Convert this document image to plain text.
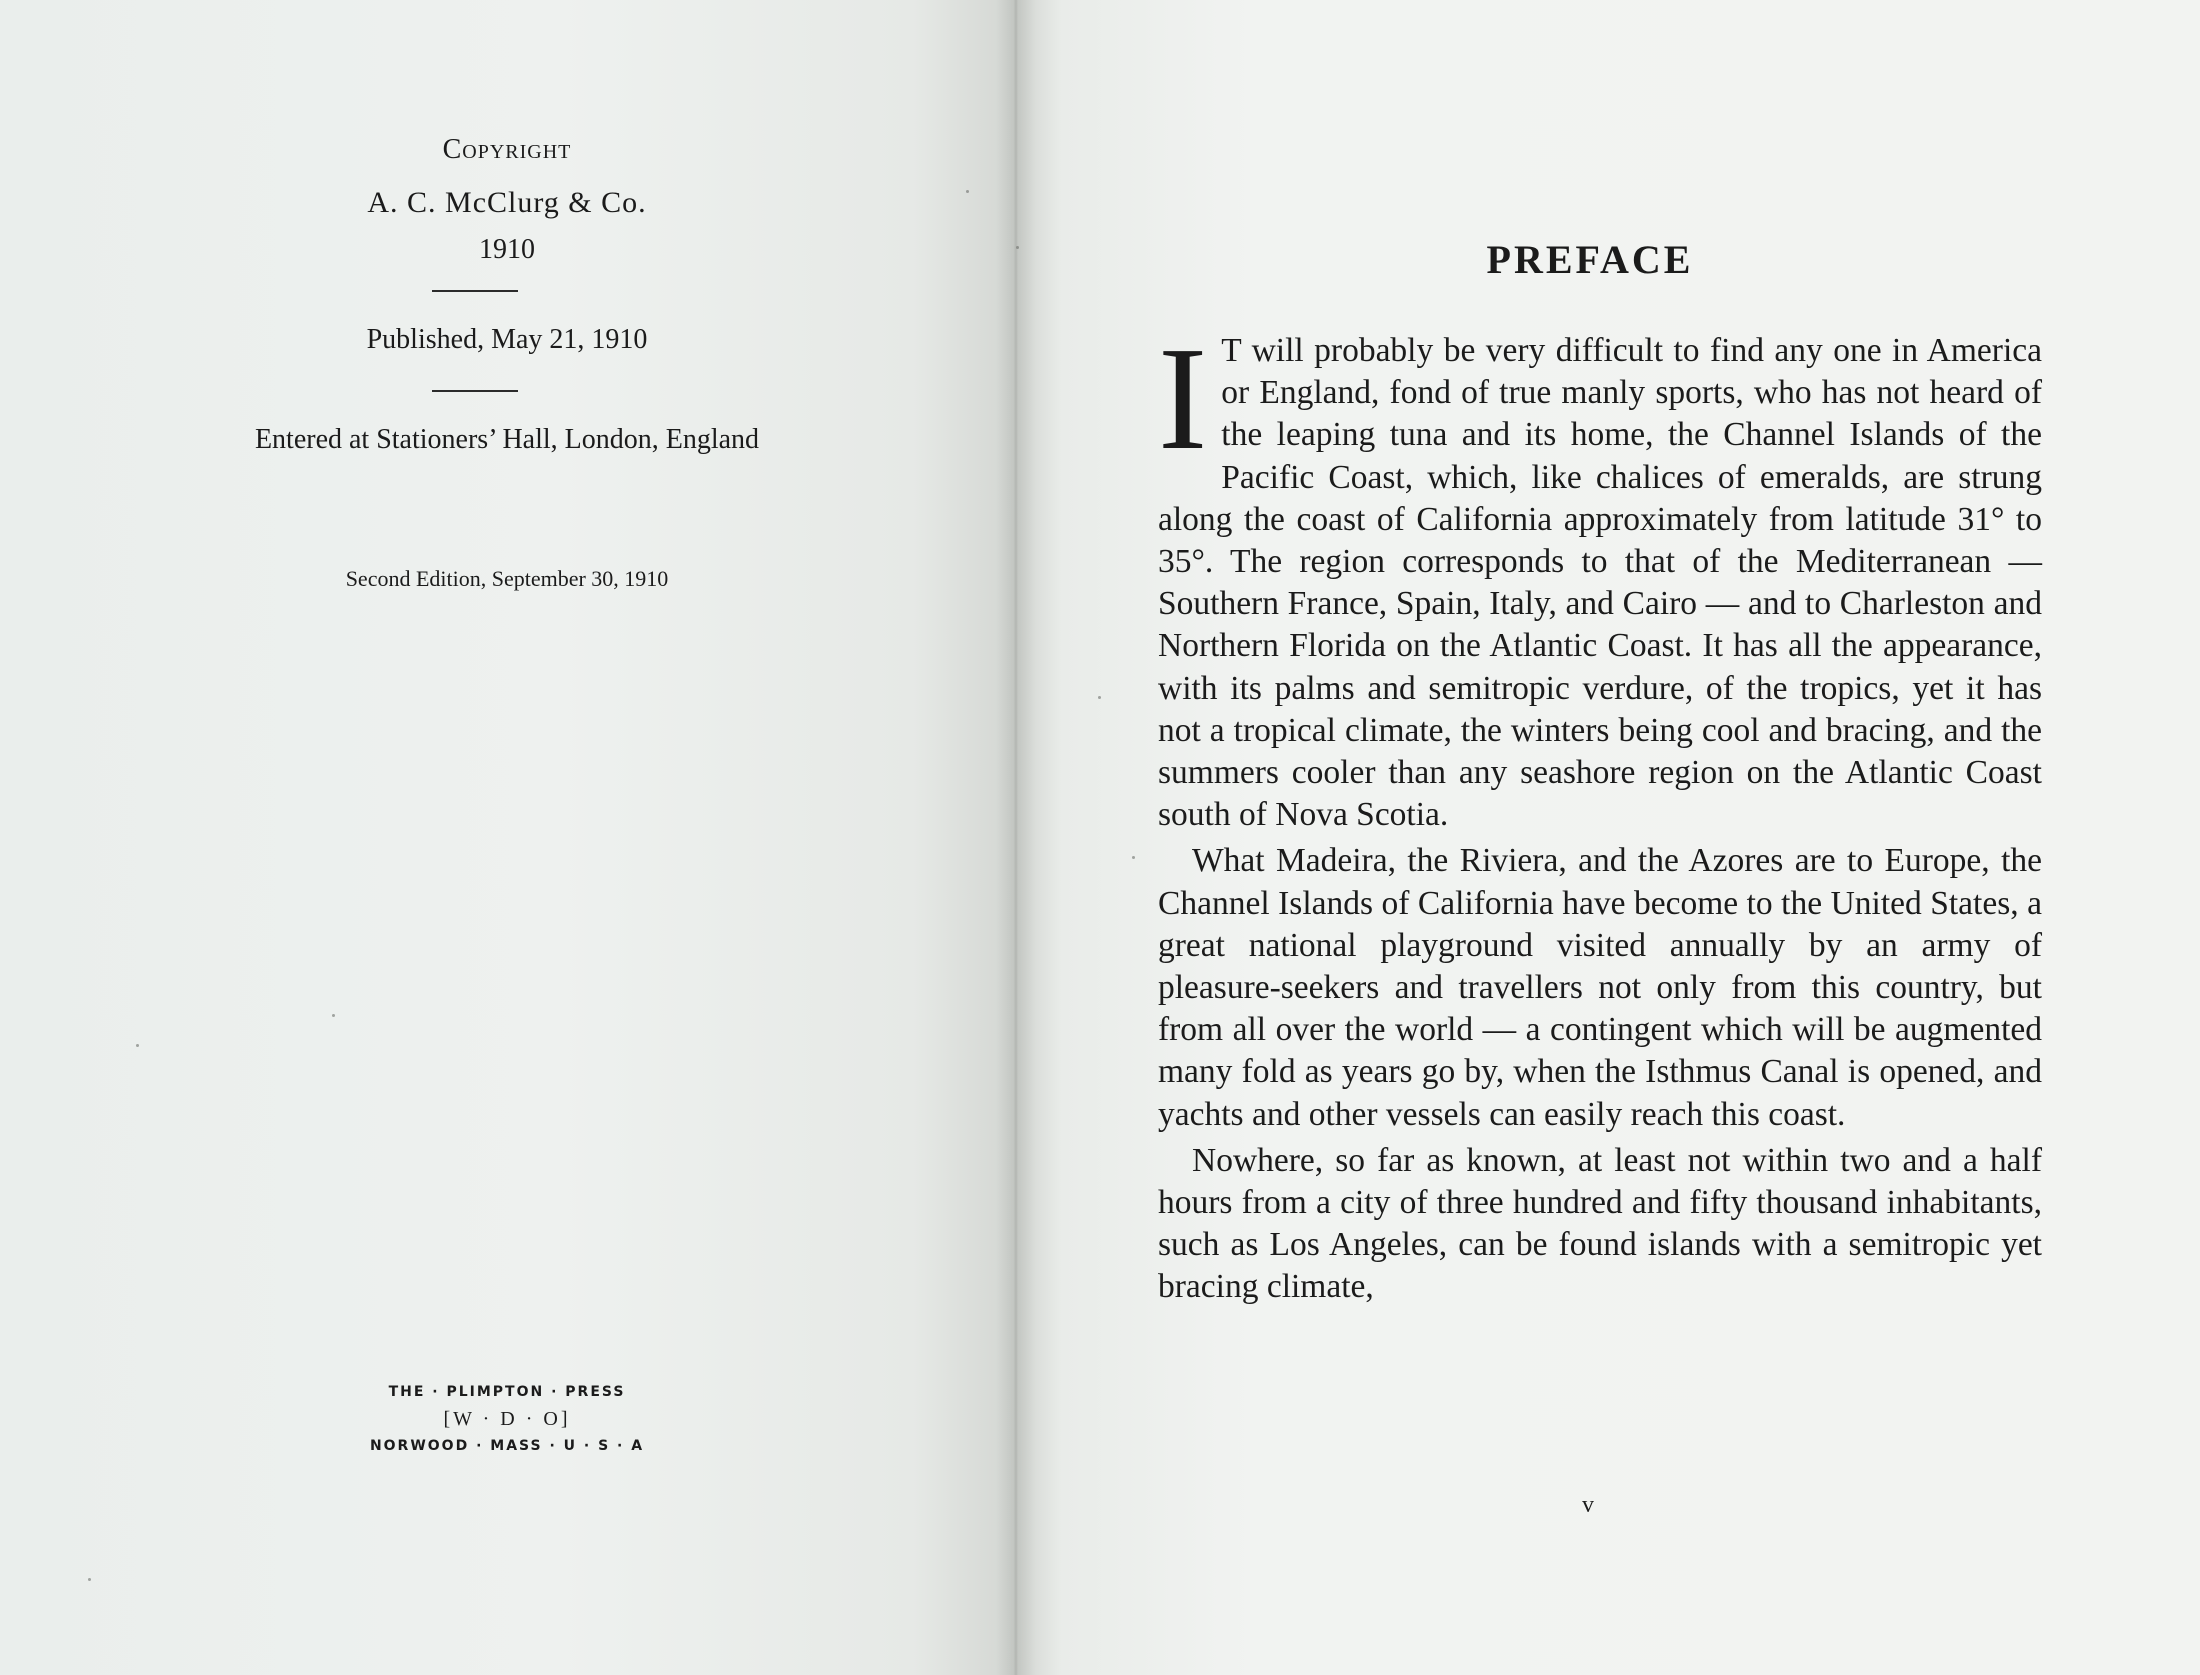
Copyright
A. C. McClurg & Co.
1910
Published, May 21, 1910
Entered at Stationers’ Hall, London, England
Second Edition, September 30, 1910
THE · PLIMPTON · PRESS
[W · D · O]
NORWOOD · MASS · U · S · A
PREFACE

I T will probably be very difficult to find any one in America or England, fond of true manly sports, who has not heard of the leaping tuna and its home, the Channel Islands of the Pacific Coast, which, like chalices of emeralds, are strung along the coast of California approximately from latitude 31° to 35°. The region corresponds to that of the Mediterranean — Southern France, Spain, Italy, and Cairo — and to Charleston and Northern Florida on the Atlantic Coast. It has all the appearance, with its palms and semitropic verdure, of the tropics, yet it has not a tropical climate, the winters being cool and bracing, and the summers cooler than any seashore region on the Atlantic Coast south of Nova Scotia.

What Madeira, the Riviera, and the Azores are to Europe, the Channel Islands of California have become to the United States, a great national playground visited annually by an army of pleasure-seekers and travellers not only from this country, but from all over the world — a contingent which will be augmented many fold as years go by, when the Isthmus Canal is opened, and yachts and other vessels can easily reach this coast.

Nowhere, so far as known, at least not within two and a half hours from a city of three hundred and fifty thousand inhabitants, such as Los Angeles, can be found islands with a semitropic yet bracing climate,

v
